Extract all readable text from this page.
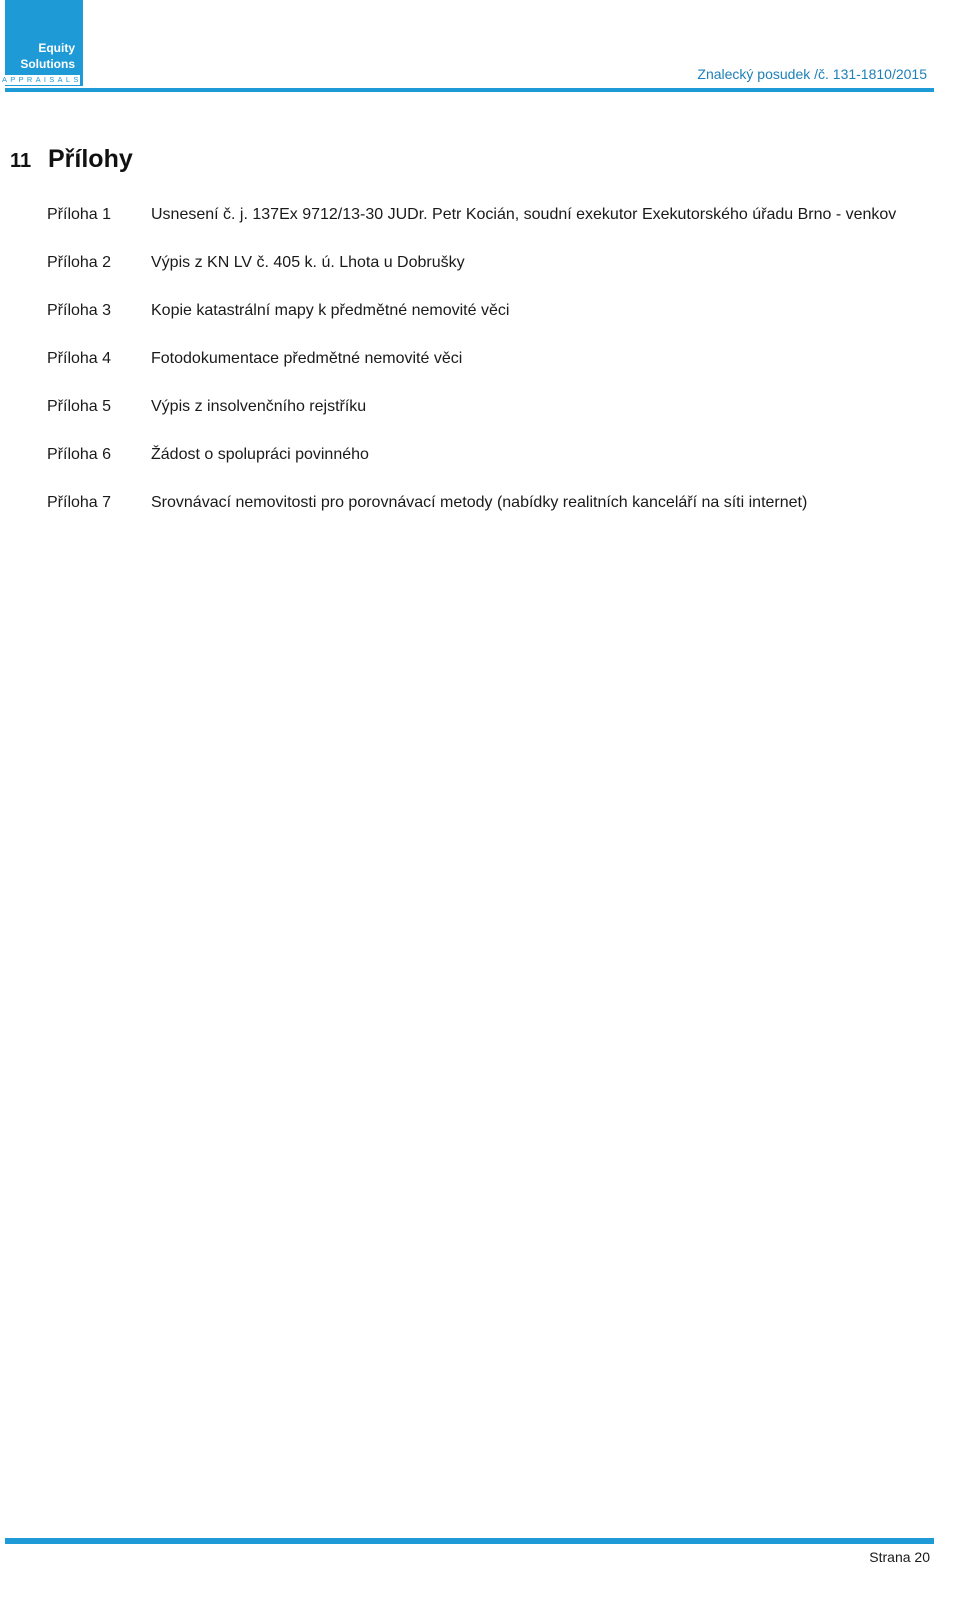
Equity
Solutions
APPRAISALS	Znalecký posudek /č. 131-1810/2015
11 Přílohy
Příloha 1	Usnesení č. j. 137Ex 9712/13-30 JUDr. Petr Kocián, soudní exekutor Exekutorského úřadu Brno - venkov
Příloha 2	Výpis z KN LV č. 405 k. ú. Lhota u Dobrušky
Příloha 3	Kopie katastrální mapy k předmětné nemovité věci
Příloha 4	Fotodokumentace předmětné nemovité věci
Příloha 5	Výpis z insolvenčního rejstříku
Příloha 6	Žádost o spolupráci povinného
Příloha 7	Srovnávací nemovitosti pro porovnávací metody (nabídky realitních kanceláří na síti internet)
Strana 20
